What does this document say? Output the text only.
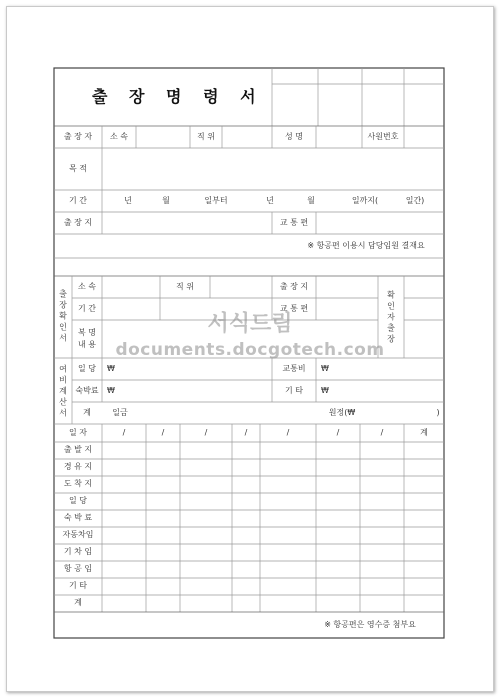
출 장 명 령 서
출 장 자 소 속	직 위	성 명	사원번호
목 적
기 간	년	월	일부터	년	월	일까지(	일간)
출 장 지	교 통 편
※ 항공편 이용시 담당임원 결재요
출장확인서
소 속	직 위	출 장 지
기 간	교 통 편
복 명
내 용
확인자출장
여비계산서
일 당 ₩	교통비 ₩
숙박료 ₩	기 타 ₩
계	일금	원정(₩	)
일 자	/	/	/	/	/	/	/	계
출 발 지
경 유 지
도 착 지
일 당
숙 박 료
자동차임
기 차 임
항 공 임
기 타
계
※ 항공편은 영수증 첨부요
서식드림
documents.docgotech.com
